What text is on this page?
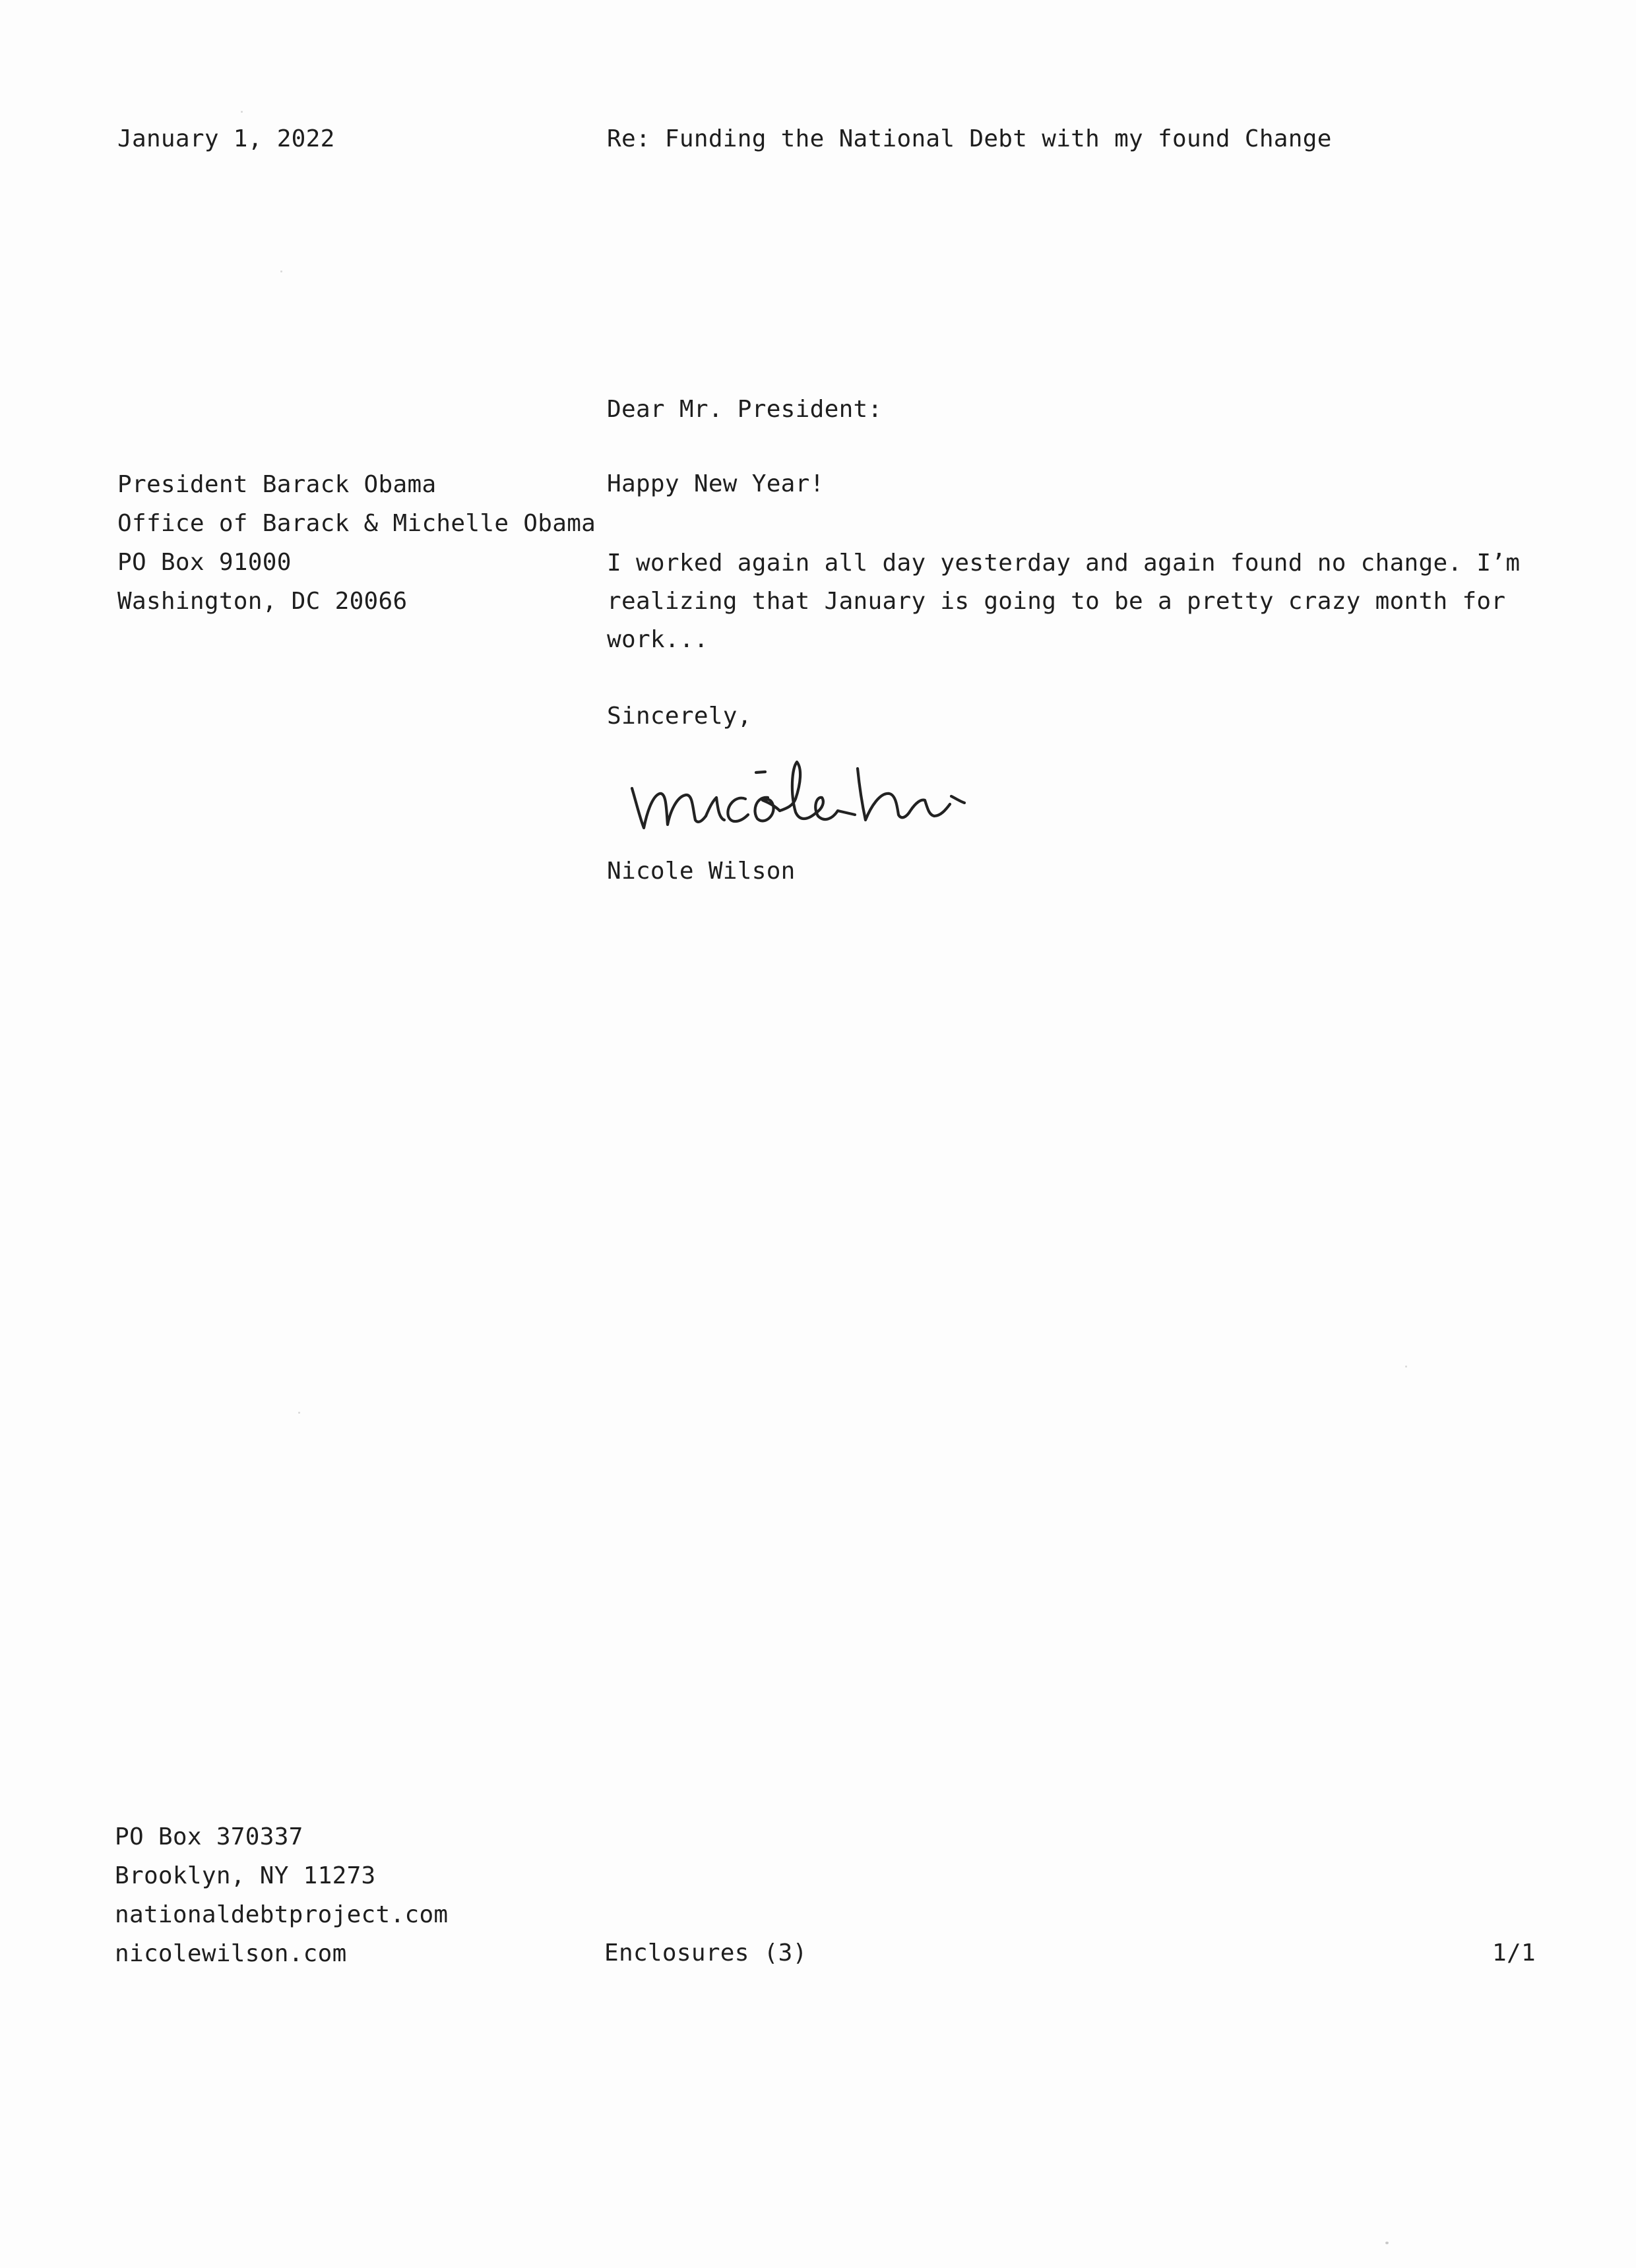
January 1, 2022	Re: Funding the National Debt with my found Change

Dear Mr. President:

President Barack Obama
Office of Barack & Michelle Obama
PO Box 91000
Washington, DC 20066

Happy New Year!

I worked again all day yesterday and again found no change. I’m
realizing that January is going to be a pretty crazy month for
work...

Sincerely,

Nicole Wilson

PO Box 370337
Brooklyn, NY 11273
nationaldebtproject.com
nicolewilson.com	Enclosures (3)	1/1
